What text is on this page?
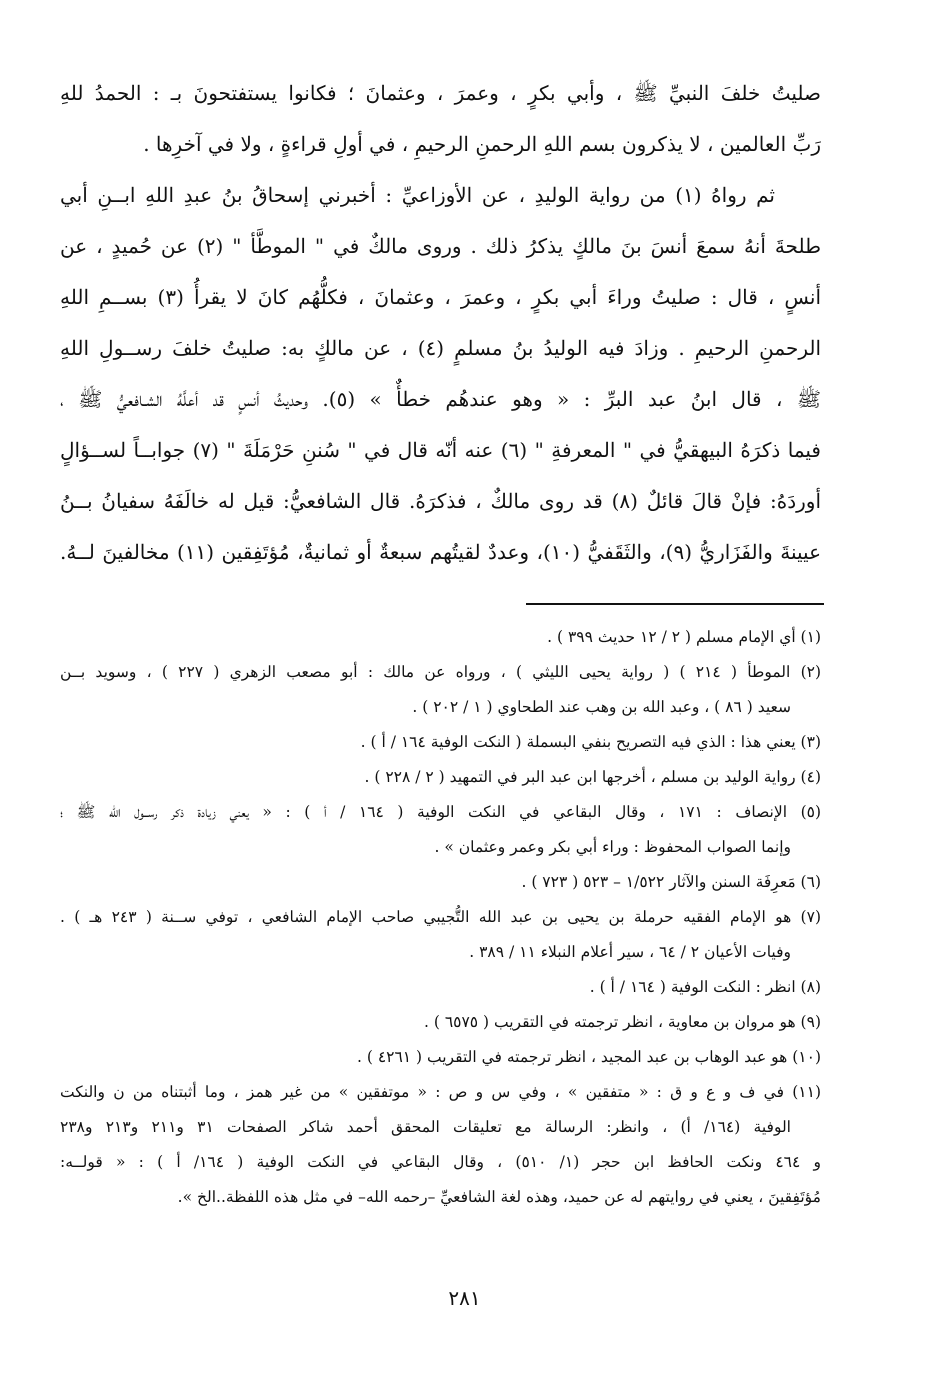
صليتُ خلفَ النبيِّ ﷺ ، وأبي بكرٍ ، وعمرَ ، وعثمانَ ؛ فكانوا يستفتحونَ بـ : الحمدُ للهِ
رَبِّ العالمين ، لا يذكرون بسم اللهِ الرحمنِ الرحيمِ ، في أولِ قراءةٍ ، ولا في آخرِها .
ثم رواهُ (١) من رواية الوليدِ ، عن الأوزاعيِّ : أخبرني إسحاقُ بنُ عبدِ اللهِ ابــنِ أبي
طلحةَ أنهُ سمعَ أنسَ بنَ مالكٍ يذكرُ ذلك . وروى مالكٌ في " الموطَّأ " (٢) عن حُميدٍ ، عن
أنسٍ ، قال : صليتُ وراءَ أبي بكرٍ ، وعمرَ ، وعثمانَ ، فكلُّهُم كانَ لا يقرأُ (٣) بســمِ اللهِ
الرحمنِ الرحيمِ . وزادَ فيه الوليدُ بنُ مسلمٍ (٤) ، عن مالكٍ به: صليتُ خلفَ رســولِ اللهِ
ﷺ ، قال ابنُ عبد البرِّ : « وهو عندهُم خطأٌ » (٥). وحديثُ أنسٍ قد أعلَّهُ الشـافعيُّ ﷺ ،
فيما ذكرَهُ البيهقيُّ في " المعرفةِ " (٦) عنه أنّه قال في " سُننِ حَرْمَلَةَ " (٧) جوابــاً لســؤالٍ
أوردَهُ: فإنْ قالَ قائلٌ (٨) قد روى مالكٌ ، فذكرَهُ. قال الشافعيُّ: قيل له خالَفَهُ سفيانُ بــنُ
عيينةَ والفَزَاريُّ (٩)، والثَقَفيُّ (١٠)، وعددٌ لقيتُهم سبعةٌ أو ثمانيةٌ، مُؤتَفِقين (١١) مخالفينَ لــهُ.
(١) أي الإمام مسلم ( ٢ / ١٢ حديث ٣٩٩ ) .
(٢) الموطأ ( ٢١٤ ) ( رواية يحيى الليثي ) ، ورواه عن مالك : أبو مصعب الزهري ( ٢٢٧ ) ، وسويد بــن
سعيد ( ٨٦ ) ، وعبد الله بن وهب عند الطحاوي ( ١ / ٢٠٢ ) .
(٣) يعني هذا : الذي فيه التصريح بنفي البسملة ( النكت الوفية ١٦٤ / أ ) .
(٤) رواية الوليد بن مسلم ، أخرجها ابن عبد البر في التمهيد ( ٢ / ٢٢٨ ) .
(٥) الإنصاف : ١٧١ ، وقال البقاعي في النكت الوفية ( ١٦٤ / أ ) : « يعني زيادة ذكر رســول الله ﷺ ؛
وإنما الصواب المحفوظ : وراء أبي بكر وعمر وعثمان » .
(٦) مَعرِفَة السنن والآثار ١/٥٢٢ – ٥٢٣ ( ٧٢٣ ) .
(٧) هو الإمام الفقيه حرملة بن يحيى بن عبد الله التُّجيبي صاحب الإمام الشافعي ، توفي ســنة ( ٢٤٣ هـ ) .
وفيات الأعيان ٢ / ٦٤ ، سير أعلام النبلاء ١١ / ٣٨٩ .
(٨) انظر : النكت الوفية ( ١٦٤ / أ ) .
(٩) هو مروان بن معاوية ، انظر ترجمته في التقريب ( ٦٥٧٥ ) .
(١٠) هو عبد الوهاب بن عبد المجيد ، انظر ترجمته في التقريب ( ٤٢٦١ ) .
(١١) في ف و ع و ق : « متفقين » ، وفي س و ص : « موتفقين » من غير همز ، وما أثبتناه من ن والنكت
الوفية (١٦٤/ أ) ، وانظر: الرسالة مع تعليقات المحقق أحمد شاكر الصفحات ٣١ و٢١١ و٢١٣ و٢٣٨
و ٤٦٤ ونكت الحافظ ابن حجر (١/ ٥١٠) ، وقال البقاعي في النكت الوفية ( ١٦٤/ أ ) : « قولــه:
مُؤتَفِقينَ ، يعني في روايتهم له عن حميد، وهذه لغة الشافعيِّ –رحمه الله– في مثل هذه اللفظة..الخ ».
٢٨١
